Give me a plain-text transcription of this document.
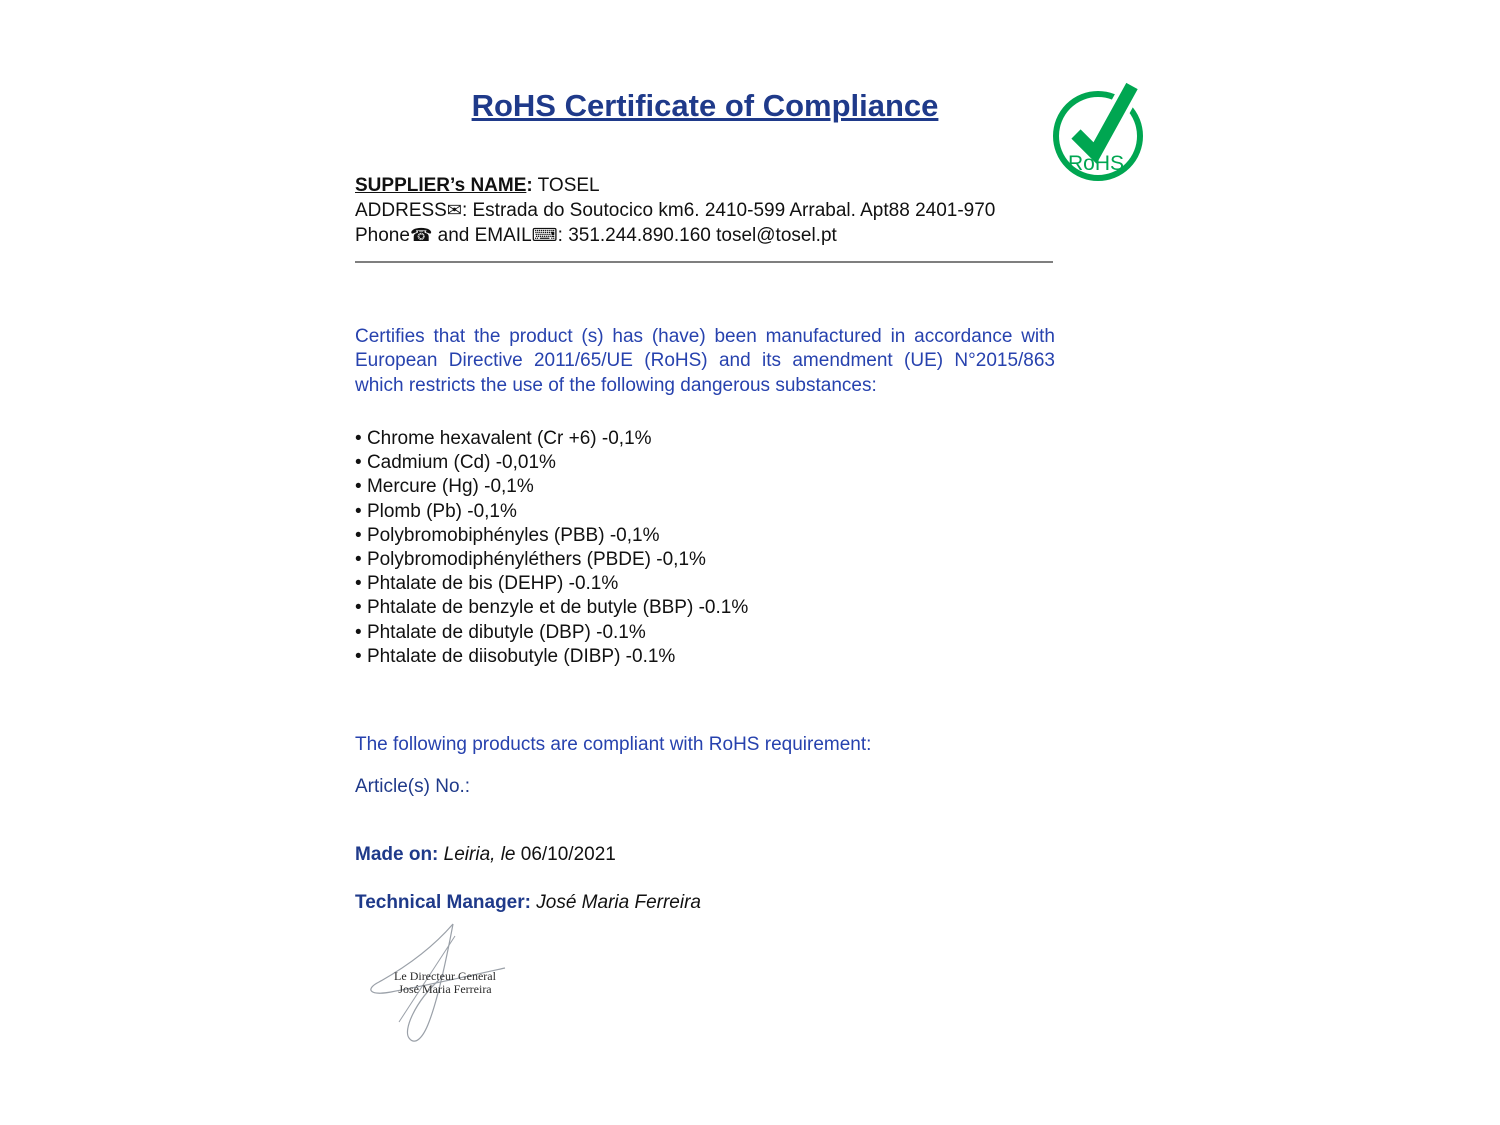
RoHS Certificate of Compliance
RoHS
SUPPLIER’s NAME: TOSEL
ADDRESS✉: Estrada do Soutocico km6. 2410-599 Arrabal. Apt88 2401-970
Phone☎ and EMAIL⌨: 351.244.890.160 tosel@tosel.pt

Certifies that the product (s) has (have) been manufactured in accordance with European Directive 2011/65/UE (RoHS) and its amendment (UE) N°2015/863 which restricts the use of the following dangerous substances:

• Chrome hexavalent (Cr +6) -0,1%
• Cadmium (Cd) -0,01%
• Mercure (Hg) -0,1%
• Plomb (Pb) -0,1%
• Polybromobiphényles (PBB) -0,1%
• Polybromodiphényléthers (PBDE) -0,1%
• Phtalate de bis (DEHP) -0.1%
• Phtalate de benzyle et de butyle (BBP) -0.1%
• Phtalate de dibutyle (DBP) -0.1%
• Phtalate de diisobutyle (DIBP) -0.1%
The following products are compliant with RoHS requirement:
Article(s) No.:
Made on: Leiria, le 06/10/2021
Technical Manager: José Maria Ferreira
Le Directeur General
José Maria Ferreira
